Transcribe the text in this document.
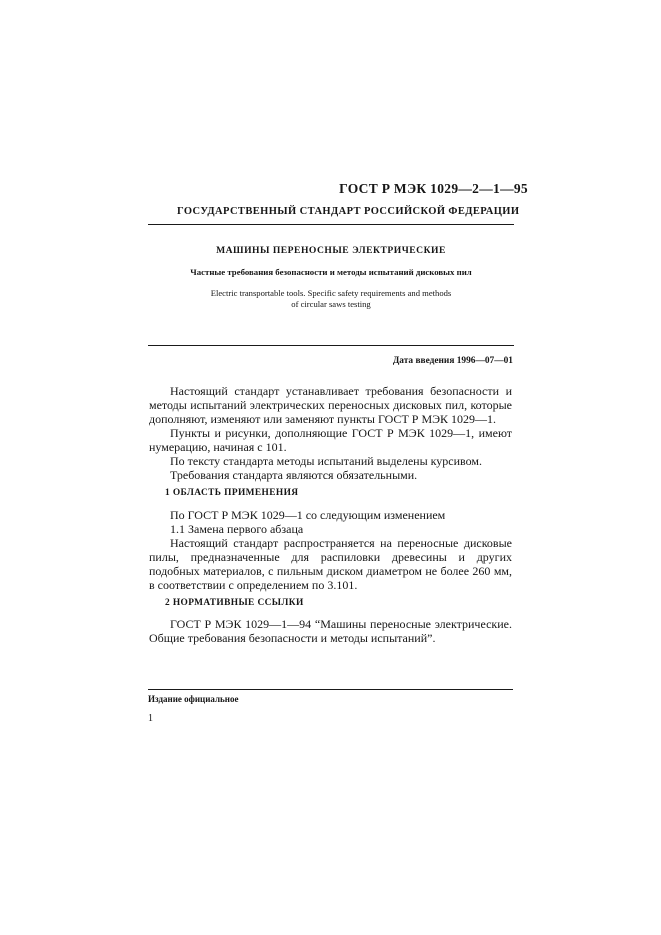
ГОСТ Р МЭК 1029—2—1—95
ГОСУДАРСТВЕННЫЙ СТАНДАРТ РОССИЙСКОЙ ФЕДЕРАЦИИ
МАШИНЫ ПЕРЕНОСНЫЕ ЭЛЕКТРИЧЕСКИЕ
Частные требования безопасности и методы испытаний дисковых пил
Electric transportable tools. Specific safety requirements and methods
of circular saws testing
Дата введения 1996—07—01

Настоящий стандарт устанавливает требования безопасности и методы испытаний электрических переносных дисковых пил, которые дополняют, изменяют или заменяют пункты ГОСТ Р МЭК 1029—1.

Пункты и рисунки, дополняющие ГОСТ Р МЭК 1029—1, имеют нумерацию, начиная с 101.

По тексту стандарта методы испытаний выделены курсивом.

Требования стандарта являются обязательными.

1 ОБЛАСТЬ ПРИМЕНЕНИЯ

По ГОСТ Р МЭК 1029—1 со следующим изменением

1.1 Замена первого абзаца

Настоящий стандарт распространяется на переносные дисковые пилы, предназначенные для распиловки древесины и других подобных материалов, с пильным диском диаметром не более 260 мм, в соответствии с определением по 3.101.

2 НОРМАТИВНЫЕ ССЫЛКИ

ГОСТ Р МЭК 1029—1—94 “Машины переносные электрические. Общие требования безопасности и методы испытаний”.

Издание официальное
1
